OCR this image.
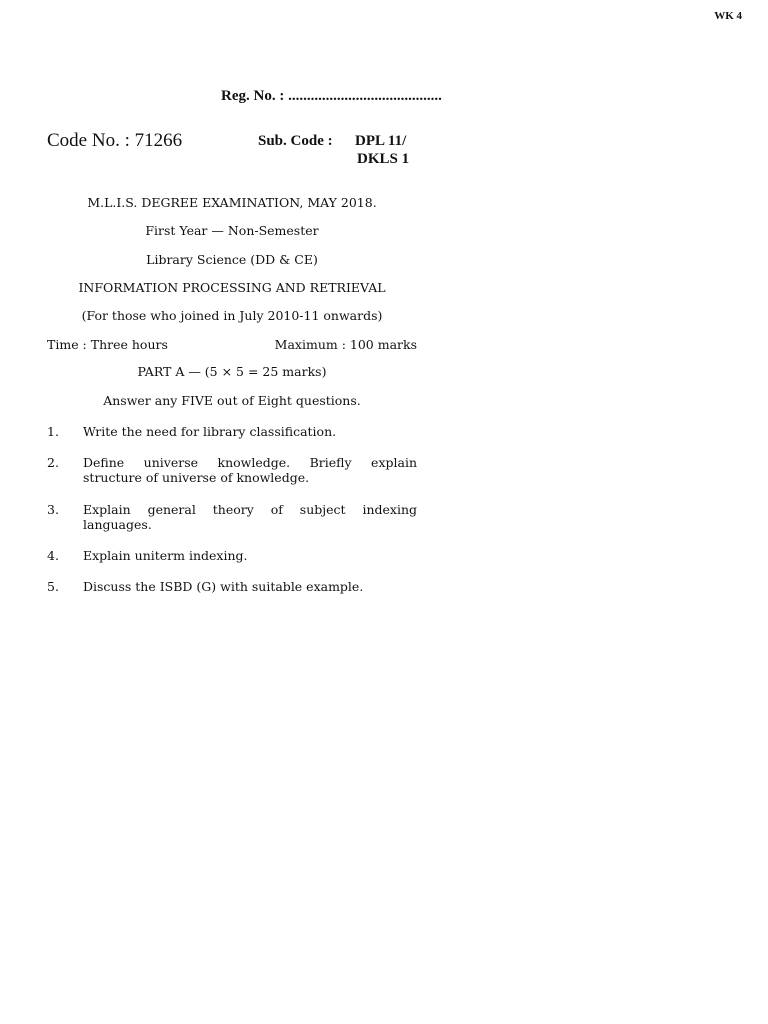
WK 4
Reg. No. : .........................................
Code No. : 71266	Sub. Code : DPL 11/
DKLS 1
M.L.I.S. DEGREE EXAMINATION, MAY 2018.
First Year — Non-Semester
Library Science (DD & CE)
INFORMATION PROCESSING AND RETRIEVAL
(For those who joined in July 2010-11 onwards)
Time : Three hours	Maximum : 100 marks
PART A — (5 × 5 = 25 marks)
Answer any FIVE out of Eight questions.
1. Write the need for library classification.
2. Define universe knowledge. Briefly explain structure of universe of knowledge.
3. Explain general theory of subject indexing languages.
4. Explain uniterm indexing.
5. Discuss the ISBD (G) with suitable example.
